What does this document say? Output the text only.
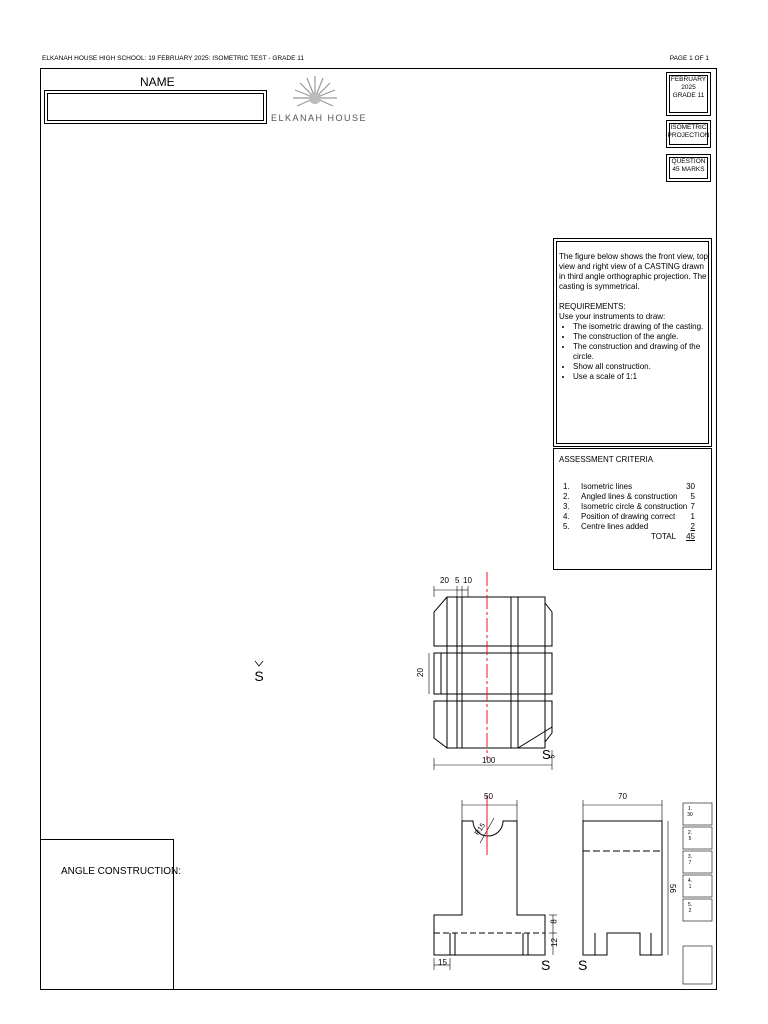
ELKANAH HOUSE HIGH SCHOOL: 19 FEBRUARY 2025: ISOMETRIC TEST - GRADE 11	PAGE 1 OF 1
NAME
ELKANAH HOUSE
FEBRUARY
2025
GRADE 11
ISOMETRIC
PROJECTION
QUESTION
45 MARKS
The figure below shows the front view, top view and right view of a CASTING drawn in third angle orthographic projection. The casting is symmetrical.
REQUIREMENTS:
Use your instruments to draw:
• The isometric drawing of the casting.
• The construction of the angle.
• The construction and drawing of the circle.
• Show all construction.
• Use a scale of 1:1
ASSESSMENT CRITERIA
1. Isometric lines	30
2. Angled lines & construction 5
3. Isometric circle & construction 7
4. Position of drawing correct 1
5. Centre lines added	2
TOTAL 45
ANGLE CONSTRUCTION:
S
20 5 10
20
100	S
5
50
R15
70
56
15
12
8
S S
1.
30
2.
5
3.
7
4.
1
5.
2
